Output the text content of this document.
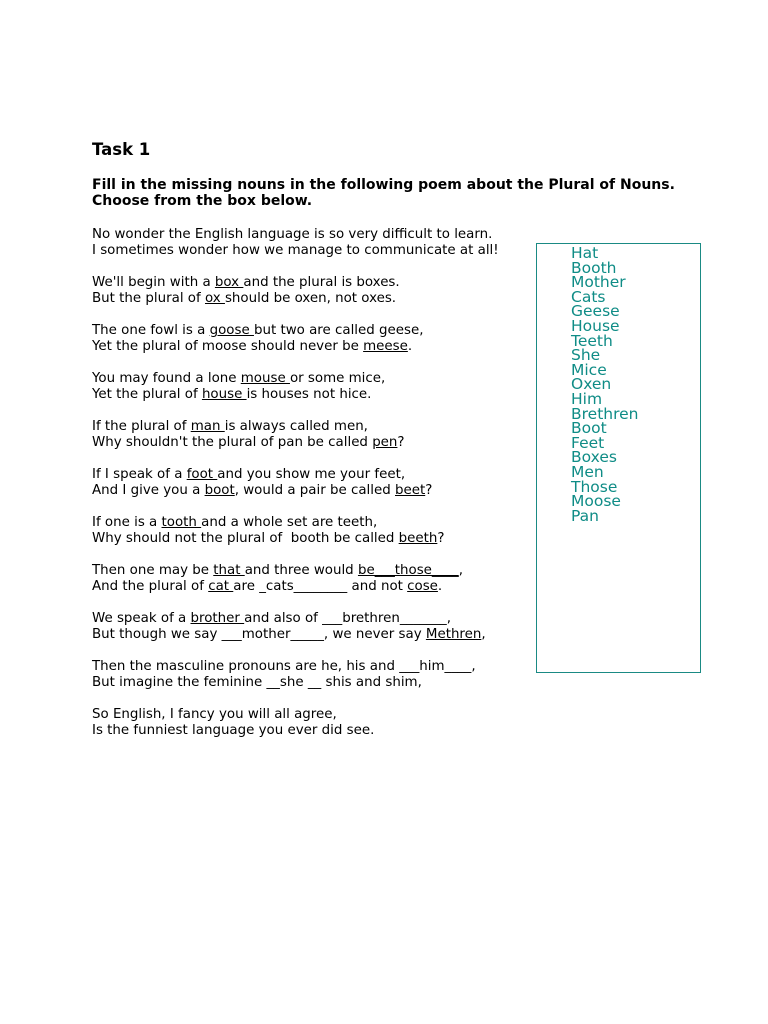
Task 1

Fill in the missing nouns in the following poem about the Plural of Nouns. Choose from the box below.

No wonder the English language is so very difficult to learn.
I sometimes wonder how we manage to communicate at all!

We'll begin with a box and the plural is boxes.
But the plural of ox should be oxen, not oxes.

The one fowl is a goose but two are called geese,
Yet the plural of moose should never be meese.

You may found a lone mouse or some mice,
Yet the plural of house is houses not hice.

If the plural of man is always called men,
Why shouldn't the plural of pan be called pen?

If I speak of a foot and you show me your feet,
And I give you a boot, would a pair be called beet?

If one is a tooth and a whole set are teeth,
Why should not the plural of  booth be called beeth?

Then one may be that and three would be___those____,
And the plural of cat are _cats________ and not cose.

We speak of a brother and also of ___brethren_______,
But though we say ___mother_____, we never say Methren,

Then the masculine pronouns are he, his and ___him____,
But imagine the feminine __she __ shis and shim,

So English, I fancy you will all agree,
Is the funniest language you ever did see.

Hat
Booth
Mother
Cats
Geese
House
Teeth
She
Mice
Oxen
Him
Brethren
Boot
Feet
Boxes
Men
Those
Moose
Pan
